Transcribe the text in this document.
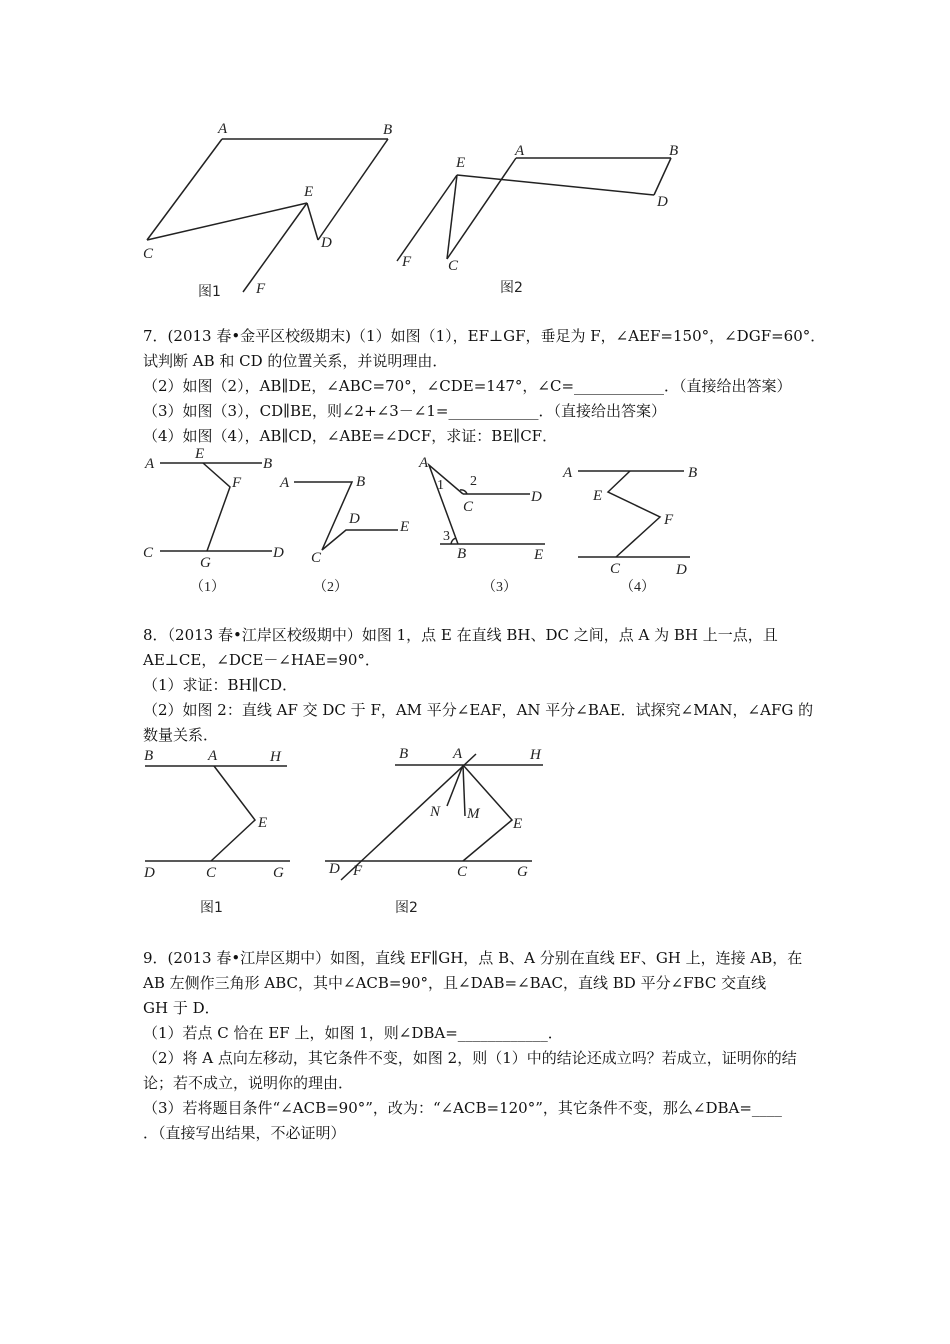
A	B
C
D
E
F
图1
A	B
C
D
E
F
图2
7．(2013 春•金平区校级期末)（1）如图（1），EF⊥GF，垂足为 F，∠AEF=150°，∠DGF=60°．
试判断 AB 和 CD 的位置关系，并说明理由．
（2）如图（2），AB∥DE，∠ABC=70°，∠CDE=147°，∠C=____________．（直接给出答案）
（3）如图（3），CD∥BE，则∠2+∠3－∠1=____________．（直接给出答案）
（4）如图（4），AB∥CD，∠ABE=∠DCF，求证：BE∥CF．
A	B
C	D
E
F
G
（1）
A	B
C
D	E
（2）
A
B
C
D
E
1 2
3
（3）
A	B
C	D
E
F
（4）
8．（2013 春•江岸区校级期中）如图 1，点 E 在直线 BH、DC 之间，点 A 为 BH 上一点，且
AE⊥CE，∠DCE－∠HAE=90°．
（1）求证：BH∥CD．
（2）如图 2：直线 AF 交 DC 于 F，AM 平分∠EAF，AN 平分∠BAE．试探究∠MAN，∠AFG 的
数量关系．
B	A	H
E
D	C	G
图1
B	A	H
N M
E
D F	C	G
图2
9．(2013 春•江岸区期中）如图，直线 EF∥GH，点 B、A 分别在直线 EF、GH 上，连接 AB，在
AB 左侧作三角形 ABC，其中∠ACB=90°，且∠DAB=∠BAC，直线 BD 平分∠FBC 交直线
GH 于 D．
（1）若点 C 恰在 EF 上，如图 1，则∠DBA=____________．
（2）将 A 点向左移动，其它条件不变，如图 2，则（1）中的结论还成立吗？若成立，证明你的结
论；若不成立，说明你的理由．
（3）若将题目条件“∠ACB=90°”，改为：“∠ACB=120°”，其它条件不变，那么∠DBA=____
．（直接写出结果，不必证明）
